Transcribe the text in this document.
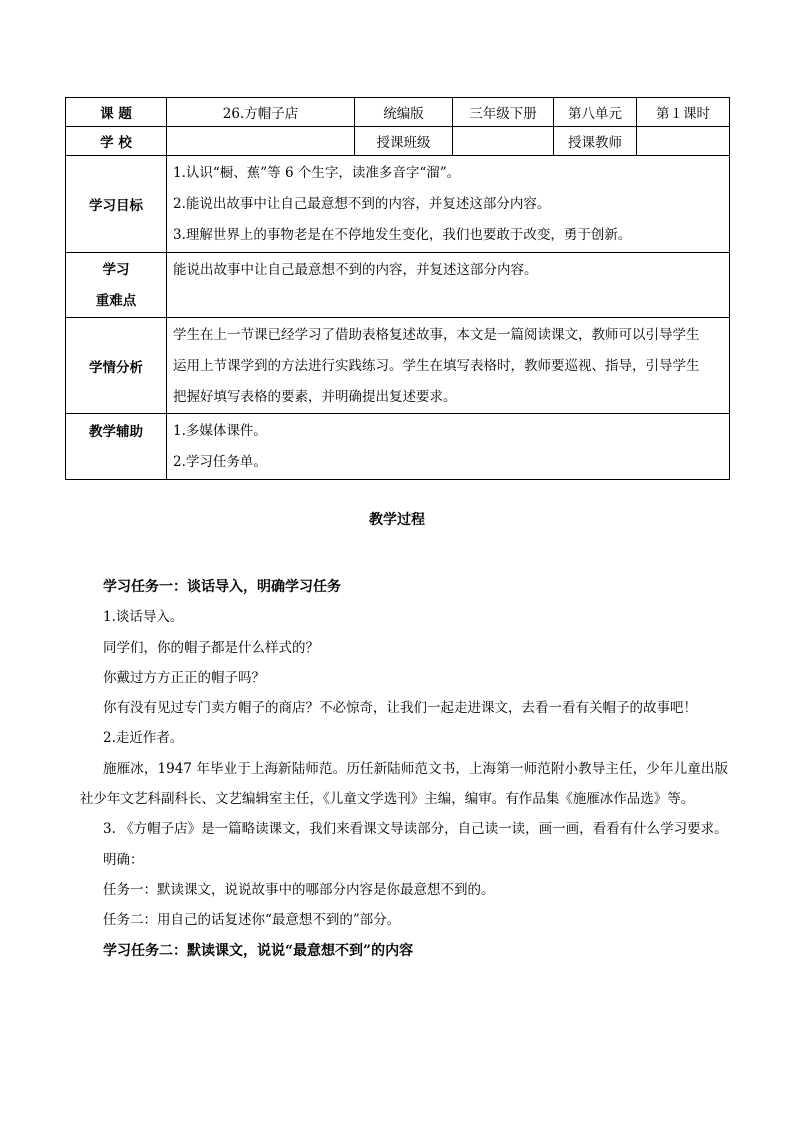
课 题	26.方帽子店	统编版	三年级下册	第八单元	第１课时
学 校		授课班级		授课教师	
学习目标	1.认识“橱、蕉”等 6 个生字，读准多音字“溜”。

2.能说出故事中让自己最意想不到的内容，并复述这部分内容。

3.理解世界上的事物老是在不停地发生变化，我们也要敢于改变，勇于创新。				

学习
重难点	能说出故事中让自己最意想不到的内容，并复述这部分内容。				

学情分析	学生在上一节课已经学习了借助表格复述故事，本文是一篇阅读课文，教师可以引导学生

运用上节课学到的方法进行实践练习。学生在填写表格时，教师要巡视、指导，引导学生

把握好填写表格的要素，并明确提出复述要求。				

教学辅助	1.多媒体课件。

2.学习任务单。				

教学过程

学习任务一：谈话导入，明确学习任务

1.谈话导入。

同学们，你的帽子都是什么样式的？

你戴过方方正正的帽子吗？

你有没有见过专门卖方帽子的商店？不必惊奇，让我们一起走进课文，去看一看有关帽子的故事吧！

2.走近作者。

施雁冰，1947 年毕业于上海新陆师范。历任新陆师范文书，上海第一师范附小教导主任，少年儿童出版社少年文艺科副科长、文艺编辑室主任，《儿童文学选刊》主编，编审。有作品集《施雁冰作品选》等。

3. 《方帽子店》是一篇略读课文，我们来看课文导读部分，自己读一读，画一画，看看有什么学习要求。

明确：

任务一：默读课文，说说故事中的哪部分内容是你最意想不到的。

任务二：用自己的话复述你“最意想不到的”部分。

学习任务二：默读课文，说说“最意想不到”的内容
